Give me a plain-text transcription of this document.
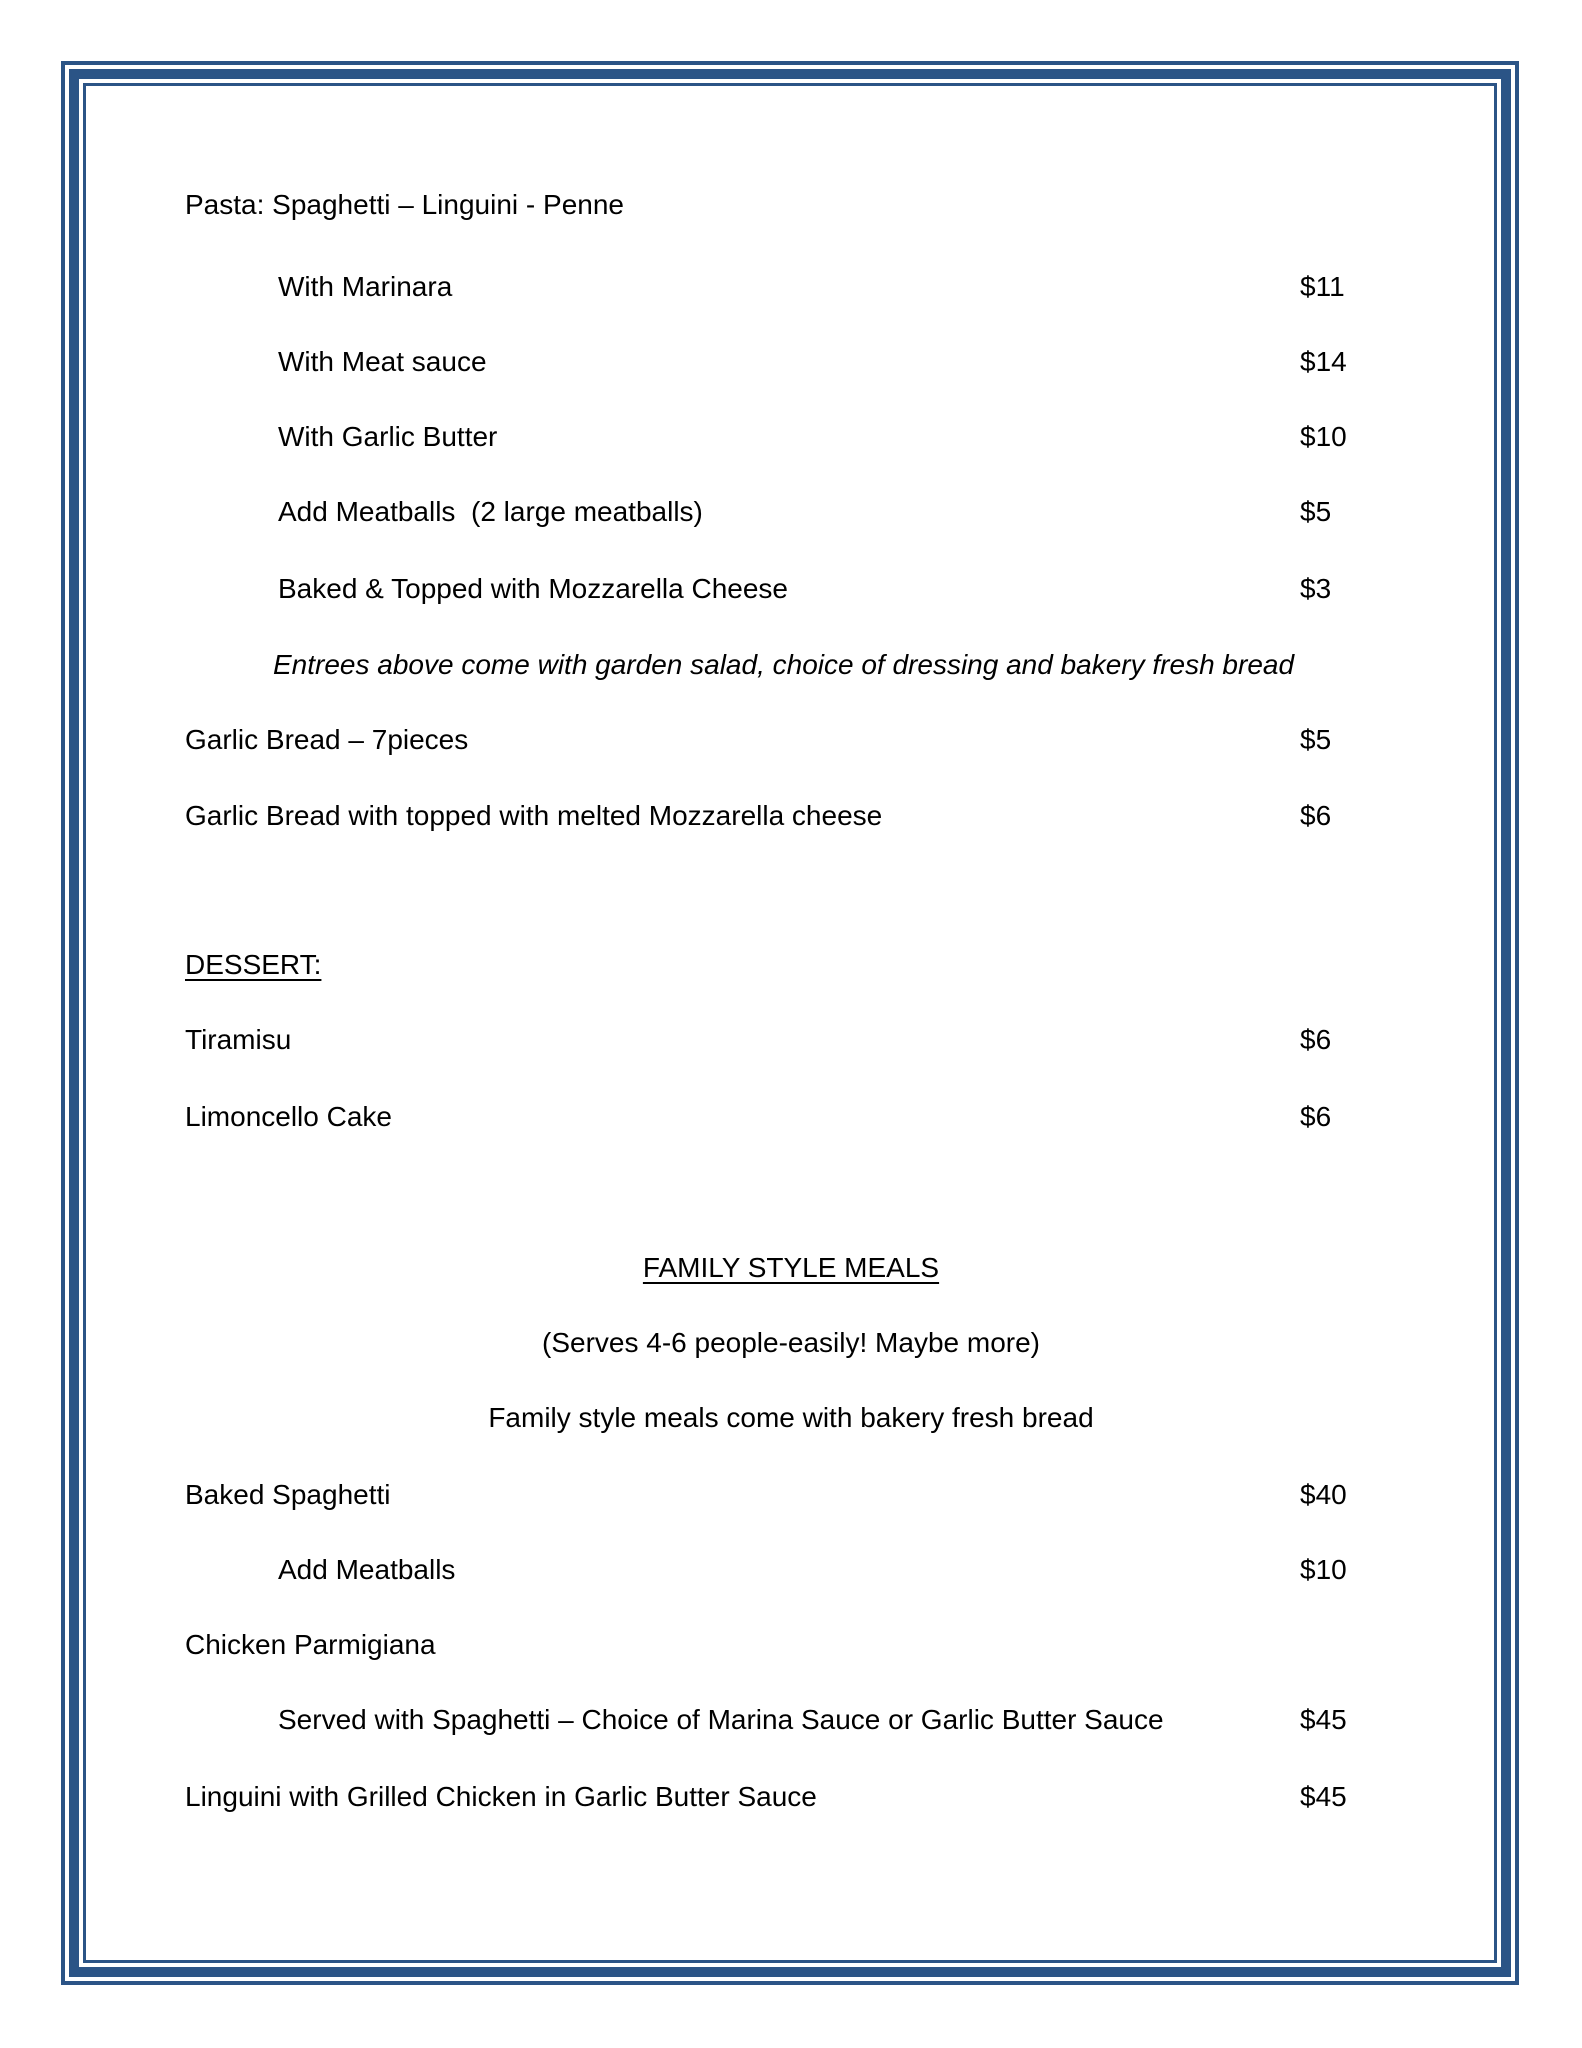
Pasta: Spaghetti – Linguini - Penne
With Marinara	$11
With Meat sauce	$14
With Garlic Butter	$10
Add Meatballs  (2 large meatballs)	$5
Baked & Topped with Mozzarella Cheese	$3
Entrees above come with garden salad, choice of dressing and bakery fresh bread
Garlic Bread – 7pieces	$5
Garlic Bread with topped with melted Mozzarella cheese	$6
DESSERT:
Tiramisu	$6
Limoncello Cake	$6
FAMILY STYLE MEALS
(Serves 4-6 people-easily! Maybe more)
Family style meals come with bakery fresh bread
Baked Spaghetti	$40
Add Meatballs	$10
Chicken Parmigiana
Served with Spaghetti – Choice of Marina Sauce or Garlic Butter Sauce	$45
Linguini with Grilled Chicken in Garlic Butter Sauce	$45
